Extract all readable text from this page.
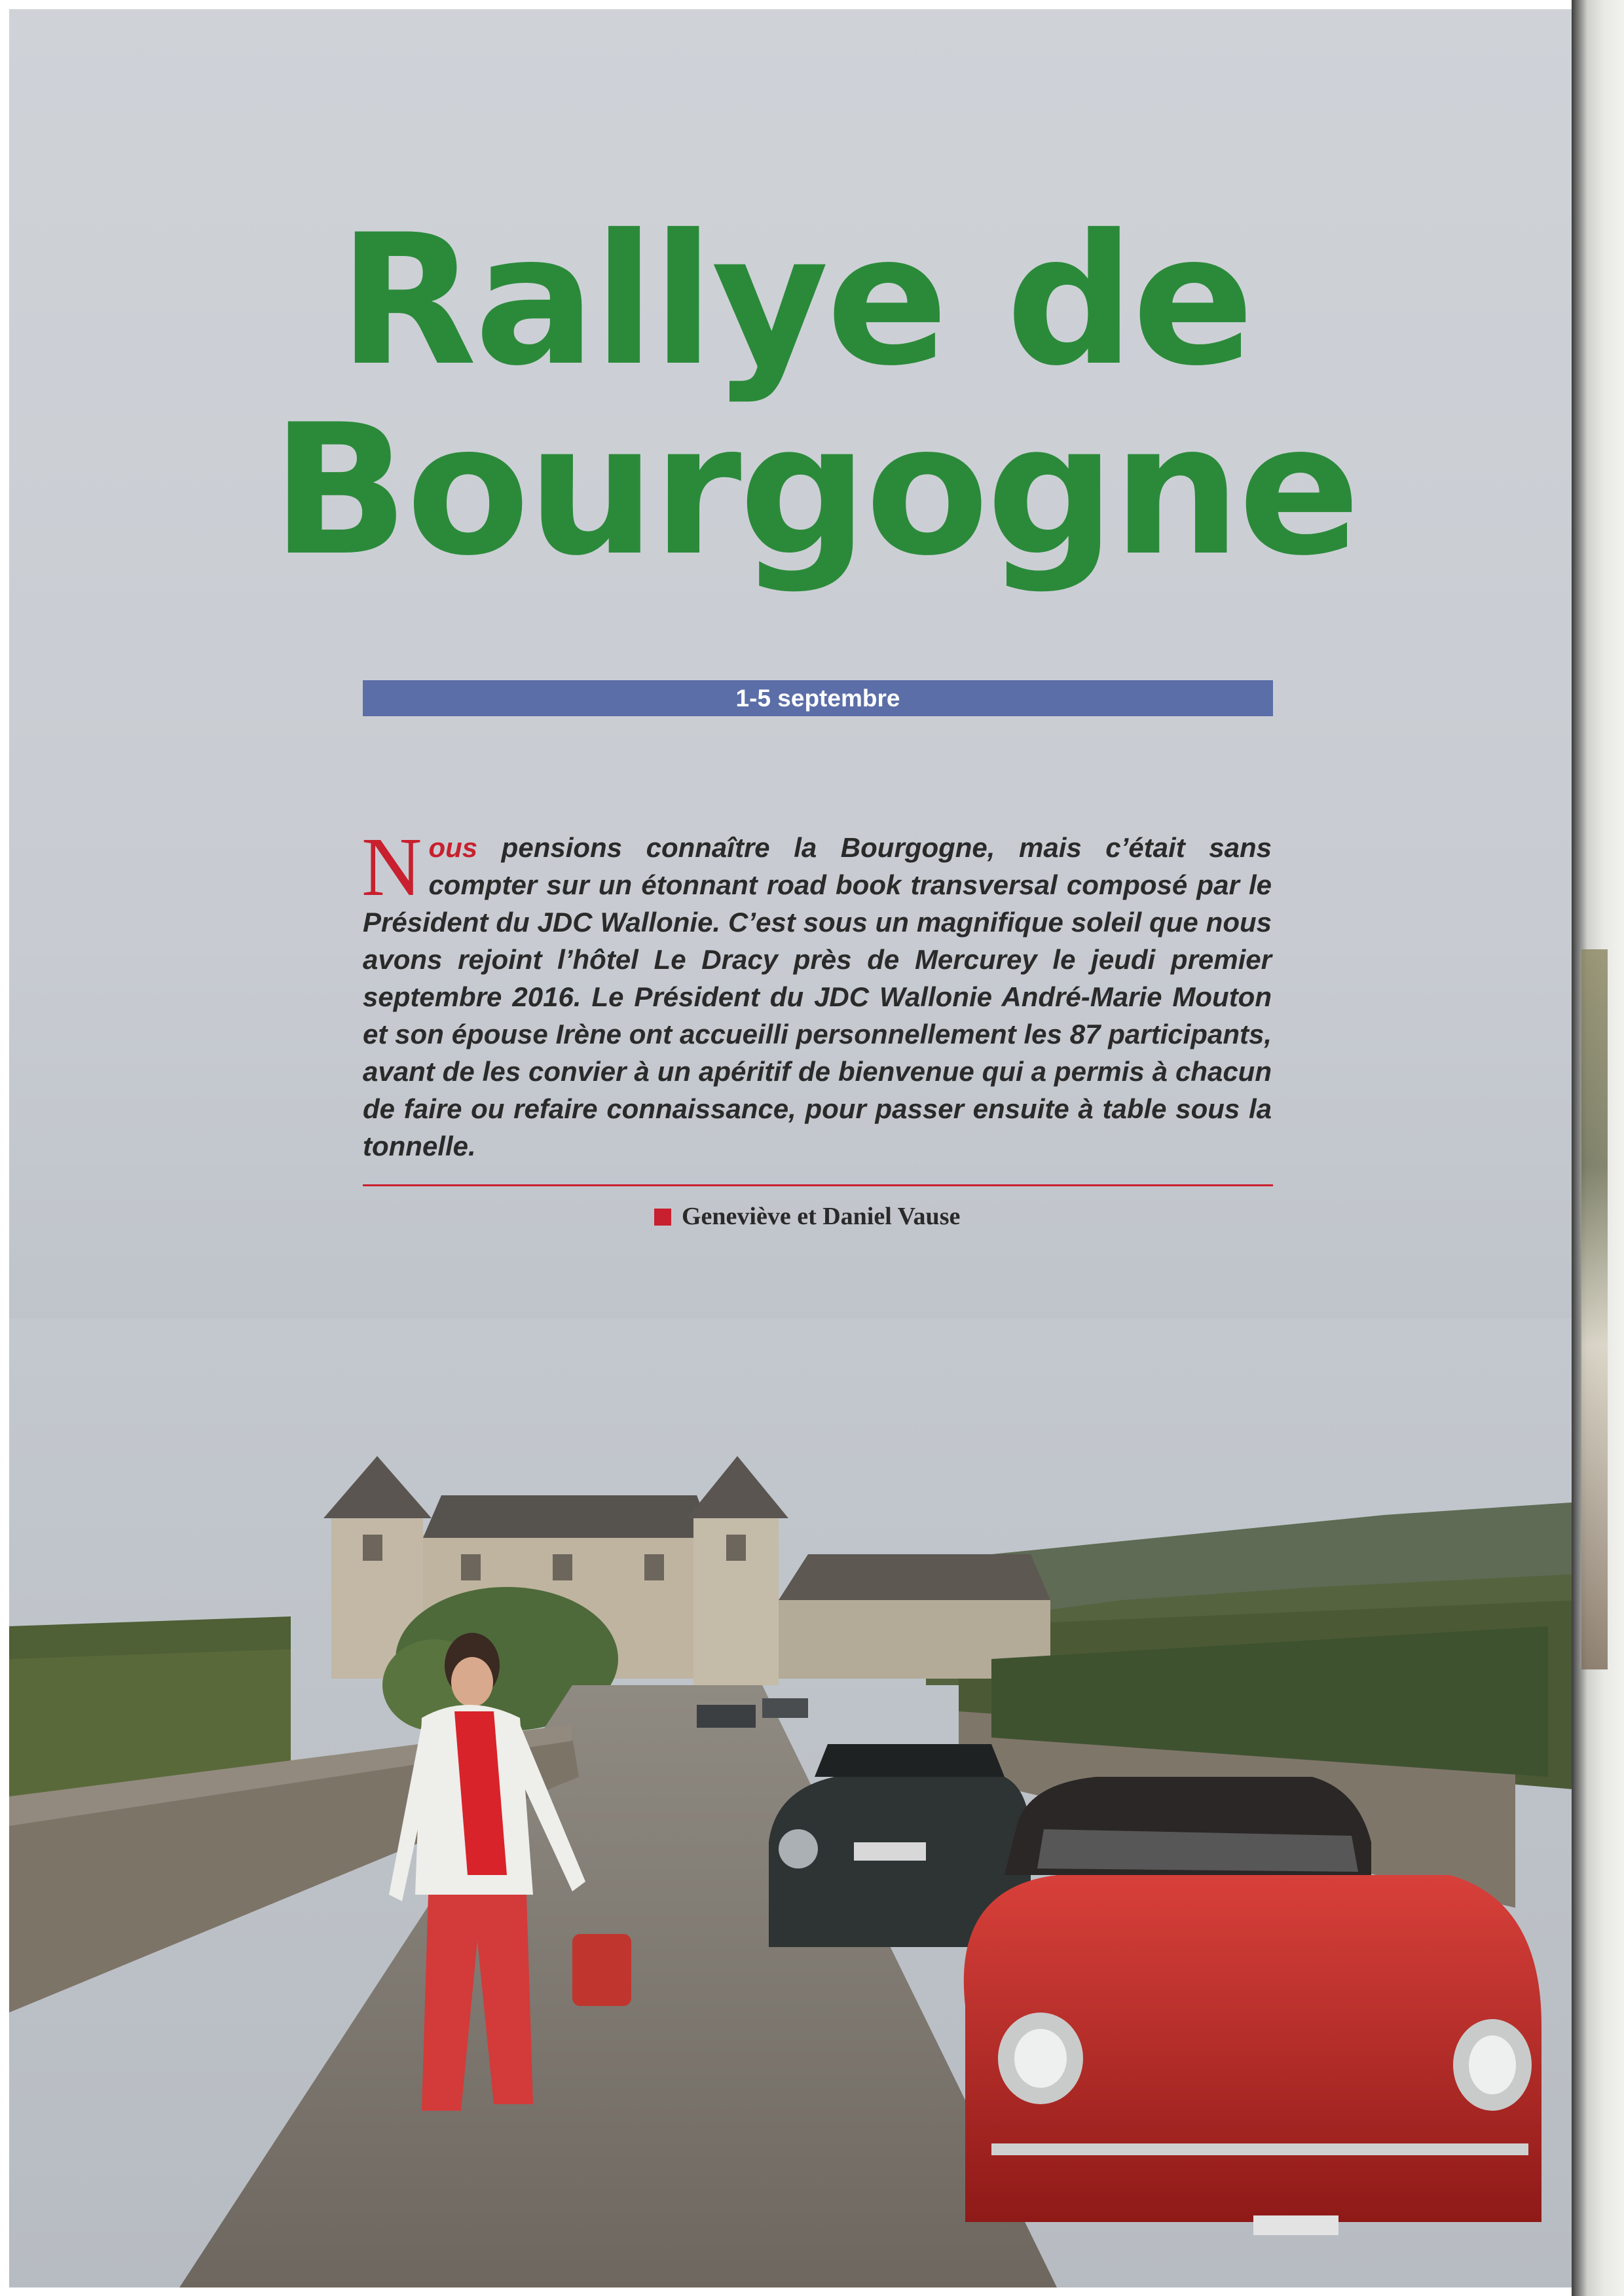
Rallye de
Bourgogne
1-5 septembre

Nous pensions connaître la Bourgogne, mais c’était sans compter sur un étonnant road book transversal composé par le Président du JDC Wallonie. C’est sous un magnifique soleil que nous avons rejoint l’hôtel Le Dracy près de Mercurey le jeudi premier septembre 2016. Le Président du JDC Wallonie André-Marie Mouton et son épouse Irène ont accueilli personnellement les 87 participants, avant de les convier à un apéritif de bienvenue qui a permis à chacun de faire ou refaire connaissance, pour passer ensuite à table sous la tonnelle.

Geneviève et Daniel Vause
